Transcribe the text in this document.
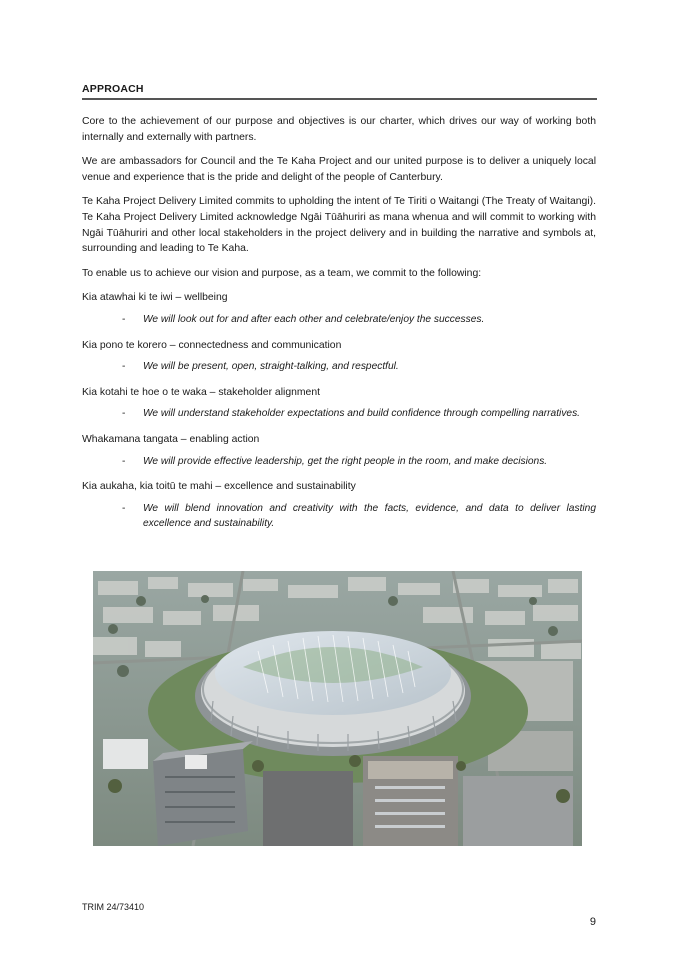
APPROACH

Core to the achievement of our purpose and objectives is our charter, which drives our way of working both internally and externally with partners.

We are ambassadors for Council and the Te Kaha Project and our united purpose is to deliver a uniquely local venue and experience that is the pride and delight of the people of Canterbury.

Te Kaha Project Delivery Limited commits to upholding the intent of Te Tiriti o Waitangi (The Treaty of Waitangi). Te Kaha Project Delivery Limited acknowledge Ngāi Tūāhuriri as mana whenua and will commit to working with Ngāi Tūāhuriri and other local stakeholders in the project delivery and in building the narrative and symbols at, surrounding and leading to Te Kaha.

To enable us to achieve our vision and purpose, as a team, we commit to the following:

Kia atawhai ki te iwi – wellbeing
- We will look out for and after each other and celebrate/enjoy the successes.
Kia pono te korero – connectedness and communication
- We will be present, open, straight-talking, and respectful.
Kia kotahi te hoe o te waka – stakeholder alignment
- We will understand stakeholder expectations and build confidence through compelling narratives.
Whakamana tangata – enabling action
- We will provide effective leadership, get the right people in the room, and make decisions.
Kia aukaha, kia toitū te mahi – excellence and sustainability
- We will blend innovation and creativity with the facts, evidence, and data to deliver lasting excellence and sustainability.
TRIM 24/73410
9
